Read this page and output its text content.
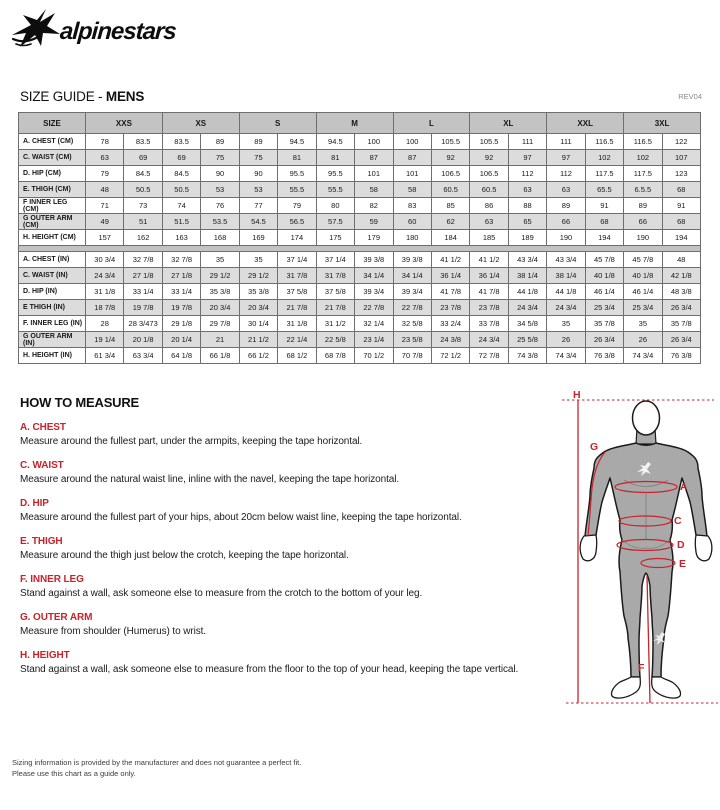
alpinestars
SIZE GUIDE - MENS	REV04
SIZE	XXS		XS		S		M		L		XL		XXL		3XL	
A. CHEST (CM)	78	83.5	83.5	89	89	94.5	94.5	100	100	105.5	105.5	111	111	116.5	116.5	122
C. WAIST (CM)	63	69	69	75	75	81	81	87	87	92	92	97	97	102	102	107
D. HIP (CM)	79	84.5	84.5	90	90	95.5	95.5	101	101	106.5	106.5	112	112	117.5	117.5	123
E. THIGH (CM)	48	50.5	50.5	53	53	55.5	55.5	58	58	60.5	60.5	63	63	65.5	6.5.5	68
F INNER LEG (CM)	71	73	74	76	77	79	80	82	83	85	86	88	89	91	89	91
G OUTER ARM (CM)	49	51	51.5	53.5	54.5	56.5	57.5	59	60	62	63	65	66	68	66	68
H. HEIGHT (CM)	157	162	163	168	169	174	175	179	180	184	185	189	190	194	190	194

A. CHEST (IN)	30 3/4	32 7/8	32 7/8	35	35	37 1/4	37 1/4	39 3/8	39 3/8	41 1/2	41 1/2	43 3/4	43 3/4	45 7/8	45 7/8	48
C. WAIST (IN)	24 3/4	27 1/8	27 1/8	29 1/2	29 1/2	31 7/8	31 7/8	34 1/4	34 1/4	36 1/4	36 1/4	38 1/4	38 1/4	40 1/8	40 1/8	42 1/8
D. HIP (IN)	31 1/8	33 1/4	33 1/4	35 3/8	35 3/8	37 5/8	37 5/8	39 3/4	39 3/4	41 7/8	41 7/8	44 1/8	44 1/8	46 1/4	46 1/4	48 3/8
E THIGH (IN)	18 7/8	19 7/8	19 7/8	20 3/4	20 3/4	21 7/8	21 7/8	22 7/8	22 7/8	23 7/8	23 7/8	24 3/4	24 3/4	25 3/4	25 3/4	26 3/4
F. INNER LEG (IN)	28	28 3/473	29 1/8	29 7/8	30 1/4	31 1/8	31 1/2	32 1/4	32 5/8	33 2/4	33 7/8	34 5/8	35	35 7/8	35	35 7/8
G OUTER ARM (IN)	19 1/4	20 1/8	20 1/4	21	21 1/2	22 1/4	22 5/8	23 1/4	23 5/8	24 3/8	24 3/4	25 5/8	26	26 3/4	26	26 3/4
H. HEIGHT (IN)	61 3/4	63 3/4	64 1/8	66 1/8	66 1/2	68 1/2	68 7/8	70 1/2	70 7/8	72 1/2	72 7/8	74 3/8	74 3/4	76 3/8	74 3/4	76 3/8
HOW TO MEASURE
A. CHEST

Measure around the fullest part, under the armpits, keeping the tape horizontal.

C. WAIST

Measure around the natural waist line, inline with the navel, keeping the tape horizontal.

D. HIP

Measure around the fullest part of your hips, about 20cm below waist line, keeping the tape horizontal.

E. THIGH

Measure around the thigh just below the crotch, keeping the tape horizontal.

F. INNER LEG

Stand against a wall, ask someone else to measure from the crotch to the bottom of your leg.

G. OUTER ARM

Measure from shoulder (Humerus) to wrist.

H. HEIGHT

Stand against a wall, ask someone else to measure from the floor to the top of your head, keeping the tape vertical.

H
G
A
C
D
E
F
Sizing information is provided by the manufacturer and does not guarantee a perfect fit.
Please use this chart as a guide only.
